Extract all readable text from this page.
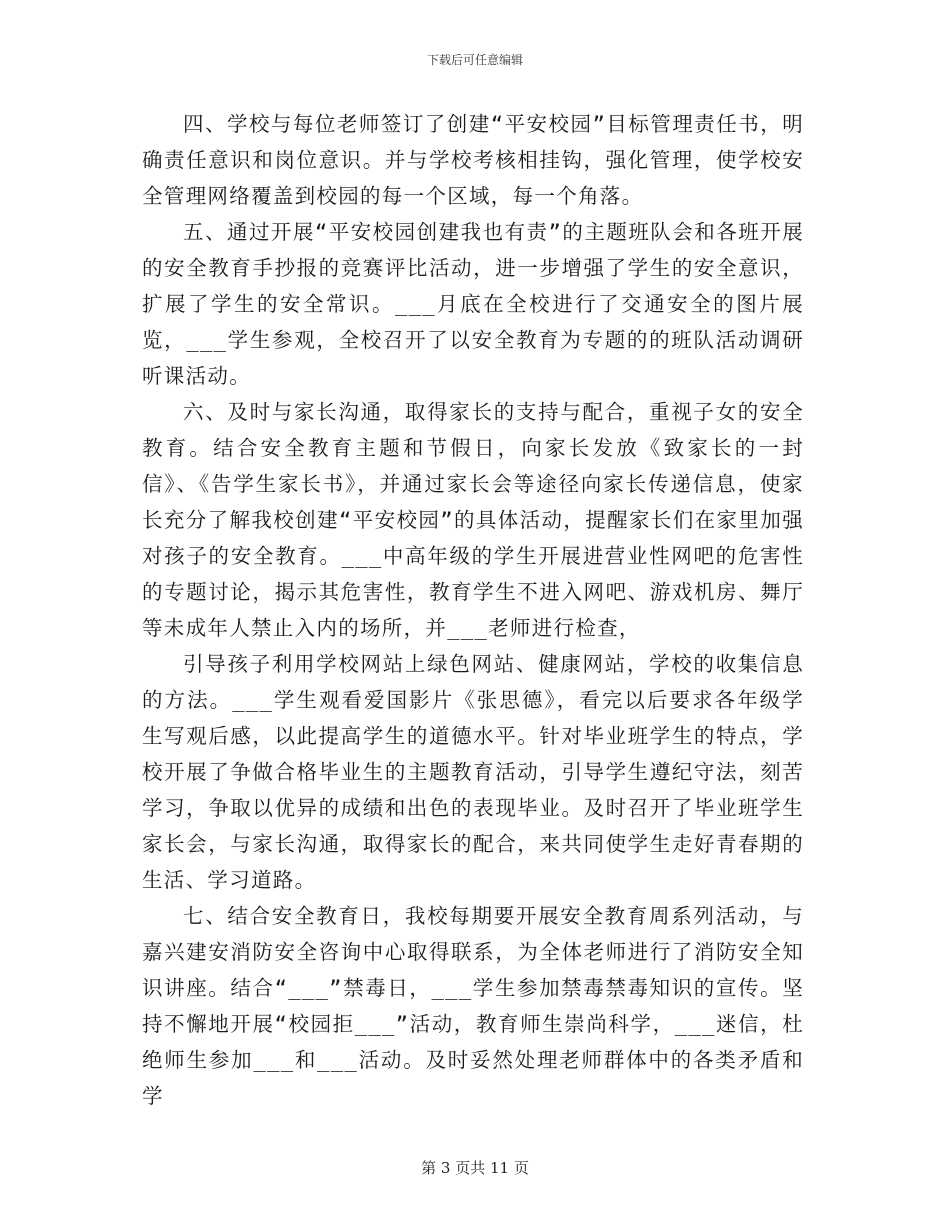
下载后可任意编辑

四、学校与每位老师签订了创建“平安校园”目标管理责任书，明确责任意识和岗位意识。并与学校考核相挂钩，强化管理，使学校安全管理网络覆盖到校园的每一个区域，每一个角落。

五、通过开展“平安校园创建我也有责”的主题班队会和各班开展的安全教育手抄报的竞赛评比活动，进一步增强了学生的安全意识，扩展了学生的安全常识。___月底在全校进行了交通安全的图片展览，___学生参观，全校召开了以安全教育为专题的的班队活动调研听课活动。

六、及时与家长沟通，取得家长的支持与配合，重视子女的安全教育。结合安全教育主题和节假日，向家长发放《致家长的一封信》、《告学生家长书》，并通过家长会等途径向家长传递信息，使家长充分了解我校创建“平安校园”的具体活动，提醒家长们在家里加强对孩子的安全教育。___中高年级的学生开展进营业性网吧的危害性的专题讨论，揭示其危害性，教育学生不进入网吧、游戏机房、舞厅等未成年人禁止入内的场所，并___老师进行检查，

引导孩子利用学校网站上绿色网站、健康网站，学校的收集信息的方法。___学生观看爱国影片《张思德》，看完以后要求各年级学生写观后感，以此提高学生的道德水平。针对毕业班学生的特点，学校开展了争做合格毕业生的主题教育活动，引导学生遵纪守法，刻苦学习，争取以优异的成绩和出色的表现毕业。及时召开了毕业班学生家长会，与家长沟通，取得家长的配合，来共同使学生走好青春期的生活、学习道路。

七、结合安全教育日，我校每期要开展安全教育周系列活动，与嘉兴建安消防安全咨询中心取得联系，为全体老师进行了消防安全知识讲座。结合“___”禁毒日，___学生参加禁毒禁毒知识的宣传。坚持不懈地开展“校园拒___”活动，教育师生崇尚科学，___迷信，杜绝师生参加___和___活动。及时妥然处理老师群体中的各类矛盾和学

第 3 页共 11 页
